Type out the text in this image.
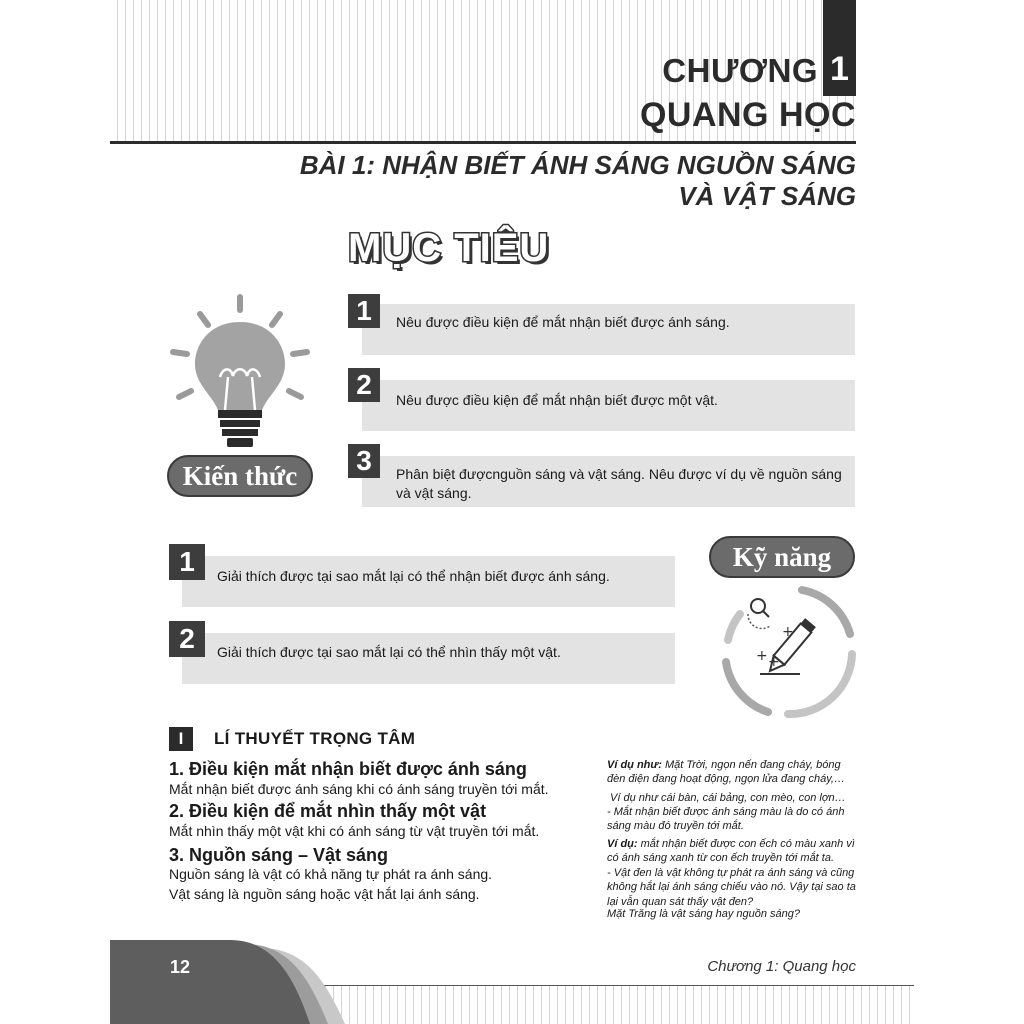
1
CHƯƠNG
QUANG HỌC
BÀI 1: NHẬN BIẾT ÁNH SÁNG NGUỒN SÁNG
VÀ VẬT SÁNG
MỤC TIÊU
Kiến thức
1	Nêu được điều kiện để mắt nhận biết được ánh sáng.
2	Nêu được điều kiện để mắt nhận biết được một vật.
3	Phân biệt đượcnguồn sáng và vật sáng. Nêu được ví dụ về nguồn sáng và vật sáng.
1	Giải thích được tại sao mắt lại có thể nhận biết được ánh sáng.
2	Giải thích được tại sao mắt lại có thể nhìn thấy một vật.
Kỹ năng
+
+ +
I	LÍ THUYẾT TRỌNG TÂM
1. Điều kiện mắt nhận biết được ánh sáng
Mắt nhận biết được ánh sáng khi có ánh sáng truyền tới mắt.
2. Điều kiện để mắt nhìn thấy một vật
Mắt nhìn thấy một vật khi có ánh sáng từ vật truyền tới mắt.
3. Nguồn sáng – Vật sáng
Nguồn sáng là vật có khả năng tự phát ra ánh sáng.
Vật sáng là nguồn sáng hoặc vật hắt lại ánh sáng.
Ví dụ như: Mặt Trời, ngọn nến đang cháy, bóng đèn điện đang hoạt động, ngọn lửa đang cháy,…
Ví dụ như cái bàn, cái bảng, con mèo, con lợn…
- Mắt nhận biết được ánh sáng màu là do có ánh sáng màu đó truyền tới mắt.
Ví dụ: mắt nhận biết được con ếch có màu xanh vì có ánh sáng xanh từ con ếch truyền tới mắt ta.
- Vật đen là vật không tự phát ra ánh sáng và cũng không hắt lại ánh sáng chiếu vào nó. Vậy tại sao ta lại vẫn quan sát thấy vật đen?
Mặt Trăng là vật sáng hay nguồn sáng?
12	Chương 1: Quang học
